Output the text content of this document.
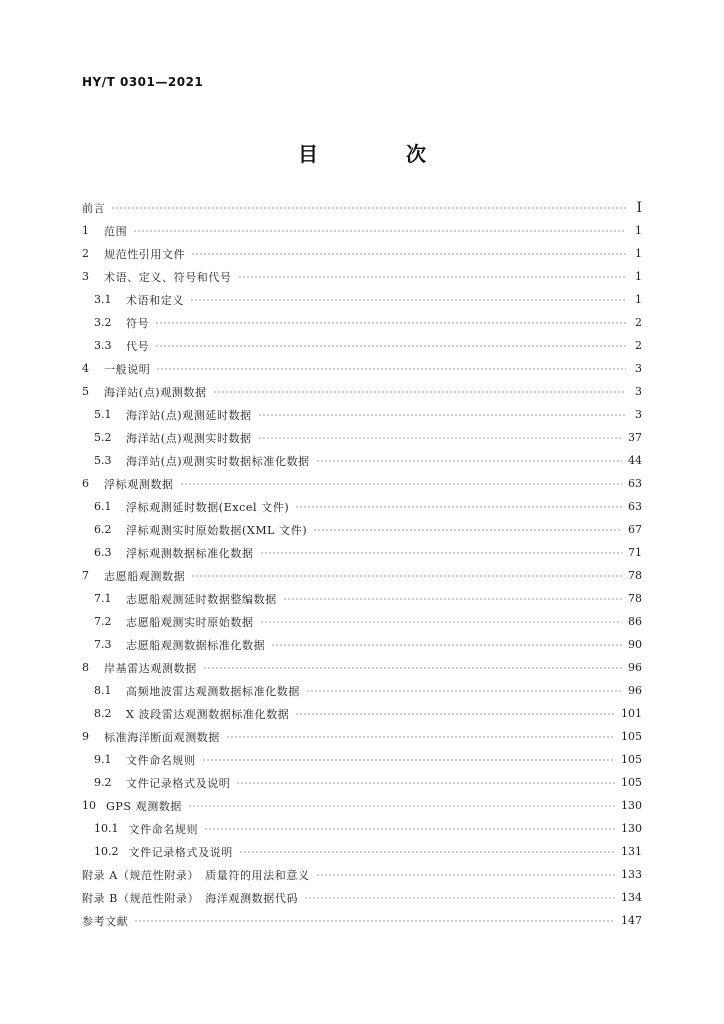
HY/T 0301—2021
目　次
前言	I
1	范围	1
2	规范性引用文件	1
3	术语、定义、符号和代号	1
3.1	术语和定义	1
3.2	符号	2
3.3	代号	2
4	一般说明	3
5	海洋站(点)观测数据	3
5.1	海洋站(点)观测延时数据	3
5.2	海洋站(点)观测实时数据	37
5.3	海洋站(点)观测实时数据标准化数据	44
6	浮标观测数据	63
6.1	浮标观测延时数据(Excel 文件)	63
6.2	浮标观测实时原始数据(XML 文件)	67
6.3	浮标观测数据标准化数据	71
7	志愿船观测数据	78
7.1	志愿船观测延时数据整编数据	78
7.2	志愿船观测实时原始数据	86
7.3	志愿船观测数据标准化数据	90
8	岸基雷达观测数据	96
8.1	高频地波雷达观测数据标准化数据	96
8.2	X 波段雷达观测数据标准化数据	101
9	标准海洋断面观测数据	105
9.1	文件命名规则	105
9.2	文件记录格式及说明	105
10 GPS 观测数据	130
10.1 文件命名规则	130
10.2 文件记录格式及说明	131
附录 A（规范性附录）　质量符的用法和意义	133
附录 B（规范性附录）　海洋观测数据代码	134
参考文献	147
